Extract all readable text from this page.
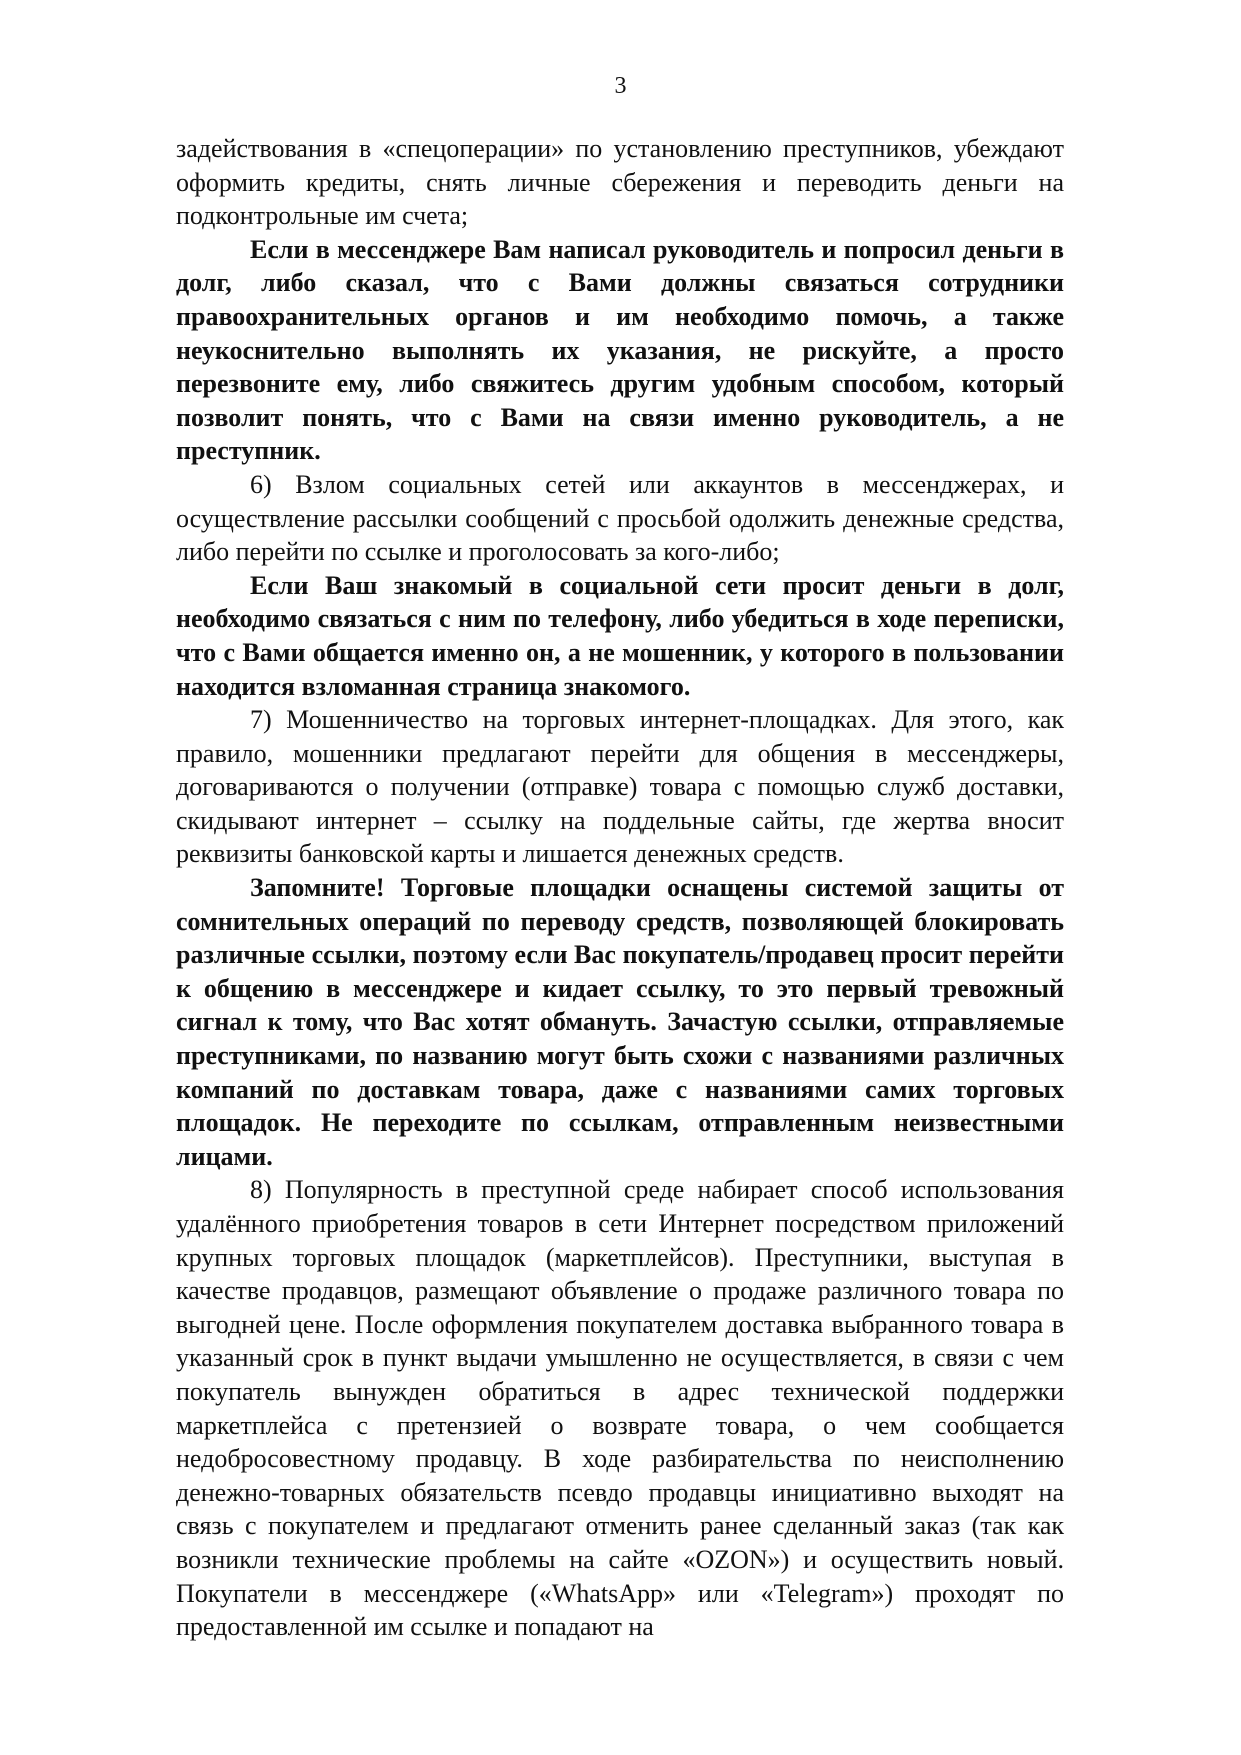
3

задействования в «спецоперации» по установлению преступников, убеждают оформить кредиты, снять личные сбережения и переводить деньги на подконтрольные им счета;

Если в мессенджере Вам написал руководитель и попросил деньги в долг, либо сказал, что с Вами должны связаться сотрудники правоохранительных органов и им необходимо помочь, а также неукоснительно выполнять их указания, не рискуйте, а просто перезвоните ему, либо свяжитесь другим удобным способом, который позволит понять, что с Вами на связи именно руководитель, а не преступник.

6) Взлом социальных сетей или аккаунтов в мессенджерах, и осуществление рассылки сообщений с просьбой одолжить денежные средства, либо перейти по ссылке и проголосовать за кого-либо;

Если Ваш знакомый в социальной сети просит деньги в долг, необходимо связаться с ним по телефону, либо убедиться в ходе переписки, что с Вами общается именно он, а не мошенник, у которого в пользовании находится взломанная страница знакомого.

7) Мошенничество на торговых интернет-площадках. Для этого, как правило, мошенники предлагают перейти для общения в мессенджеры, договариваются о получении (отправке) товара с помощью служб доставки, скидывают интернет – ссылку на поддельные сайты, где жертва вносит реквизиты банковской карты и лишается денежных средств.

Запомните! Торговые площадки оснащены системой защиты от сомнительных операций по переводу средств, позволяющей блокировать различные ссылки, поэтому если Вас покупатель/продавец просит перейти к общению в мессенджере и кидает ссылку, то это первый тревожный сигнал к тому, что Вас хотят обмануть. Зачастую ссылки, отправляемые преступниками, по названию могут быть схожи с названиями различных компаний по доставкам товара, даже с названиями самих торговых площадок. Не переходите по ссылкам, отправленным неизвестными лицами.

8) Популярность в преступной среде набирает способ использования удалённого приобретения товаров в сети Интернет посредством приложений крупных торговых площадок (маркетплейсов). Преступники, выступая в качестве продавцов, размещают объявление о продаже различного товара по выгодней цене. После оформления покупателем доставка выбранного товара в указанный срок в пункт выдачи умышленно не осуществляется, в связи с чем покупатель вынужден обратиться в адрес технической поддержки маркетплейса с претензией о возврате товара, о чем сообщается недобросовестному продавцу. В ходе разбирательства по неисполнению денежно-товарных обязательств псевдо продавцы инициативно выходят на связь с покупателем и предлагают отменить ранее сделанный заказ (так как возникли технические проблемы на сайте «OZON») и осуществить новый. Покупатели в мессенджере («WhatsApp» или «Telegram») проходят по предоставленной им ссылке и попадают на
